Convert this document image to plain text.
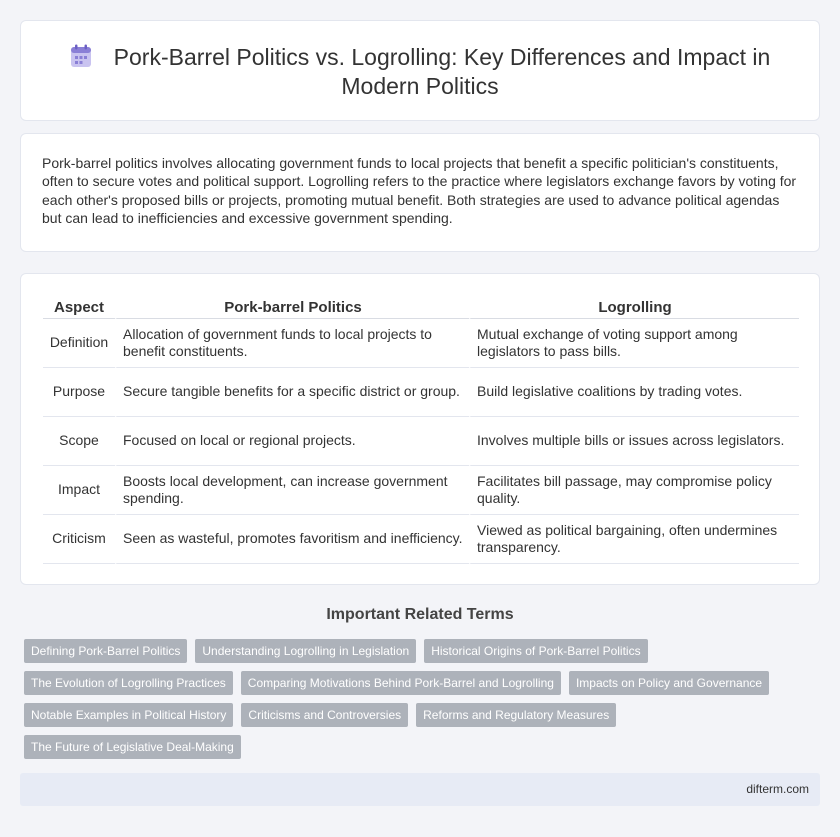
Pork-Barrel Politics vs. Logrolling: Key Differences and Impact in Modern Politics

Pork-barrel politics involves allocating government funds to local projects that benefit a specific politician's constituents, often to secure votes and political support. Logrolling refers to the practice where legislators exchange favors by voting for each other's proposed bills or projects, promoting mutual benefit. Both strategies are used to advance political agendas but can lead to inefficiencies and excessive government spending.

Aspect	Pork-barrel Politics	Logrolling
Definition	Allocation of government funds to local projects to benefit constituents.	Mutual exchange of voting support among legislators to pass bills.
Purpose	Secure tangible benefits for a specific district or group.	Build legislative coalitions by trading votes.
Scope	Focused on local or regional projects.	Involves multiple bills or issues across legislators.
Impact	Boosts local development, can increase government spending.	Facilitates bill passage, may compromise policy quality.
Criticism	Seen as wasteful, promotes favoritism and inefficiency.	Viewed as political bargaining, often undermines transparency.
Important Related Terms
Defining Pork-Barrel Politics	Understanding Logrolling in Legislation	Historical Origins of Pork-Barrel Politics
The Evolution of Logrolling Practices	Comparing Motivations Behind Pork-Barrel and Logrolling	Impacts on Policy and Governance
Notable Examples in Political History	Criticisms and Controversies	Reforms and Regulatory Measures
The Future of Legislative Deal-Making
difterm.com
